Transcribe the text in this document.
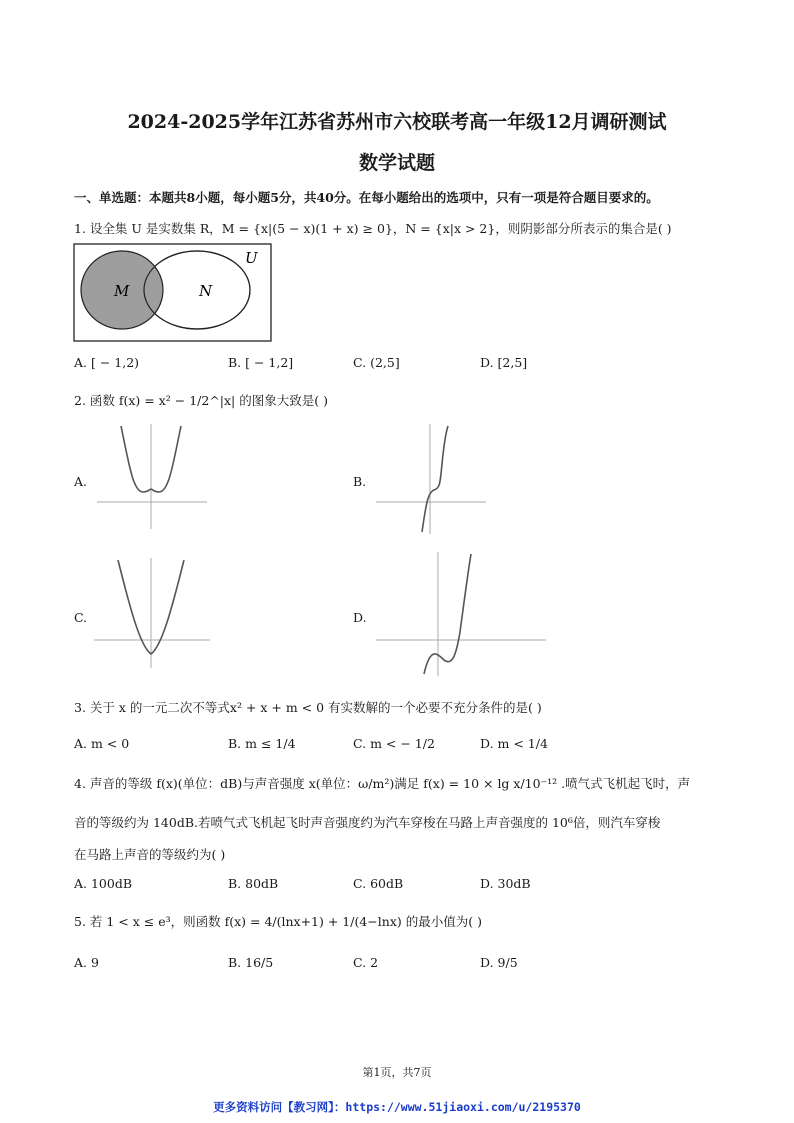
2024-2025学年江苏省苏州市六校联考高一年级12月调研测试
数学试题
一、单选题：本题共8小题，每小题5分，共40分。在每小题给出的选项中，只有一项是符合题目要求的。
1. 设全集 U 是实数集 R，M = {x|(5 − x)(1 + x) ≥ 0}，N = {x|x > 2}，则阴影部分所表示的集合是( )
U
M	N
A. [ − 1,2)	B. [ − 1,2]	C. (2,5]	D. [2,5]
2. 函数 f(x) = x² − 1/2^|x| 的图象大致是( )
A.	B.
C.	D.
3. 关于 x 的一元二次不等式x² + x + m < 0 有实数解的一个必要不充分条件的是( )
A. m < 0	B. m ≤ 1/4	C. m < − 1/2	D. m < 1/4
4. 声音的等级 f(x)(单位：dB)与声音强度 x(单位：ω/m²)满足 f(x) = 10 × lg x/10⁻¹² .喷气式飞机起飞时，声
音的等级约为 140dB.若喷气式飞机起飞时声音强度约为汽车穿梭在马路上声音强度的 10⁶倍，则汽车穿梭
在马路上声音的等级约为( )
A. 100dB	B. 80dB	C. 60dB	D. 30dB
5. 若 1 < x ≤ e³，则函数 f(x) = 4/(lnx+1) + 1/(4−lnx) 的最小值为( )
A. 9	B. 16/5	C. 2	D. 9/5
第1页，共7页
更多资料访问【教习网】：https://www.51jiaoxi.com/u/2195370
